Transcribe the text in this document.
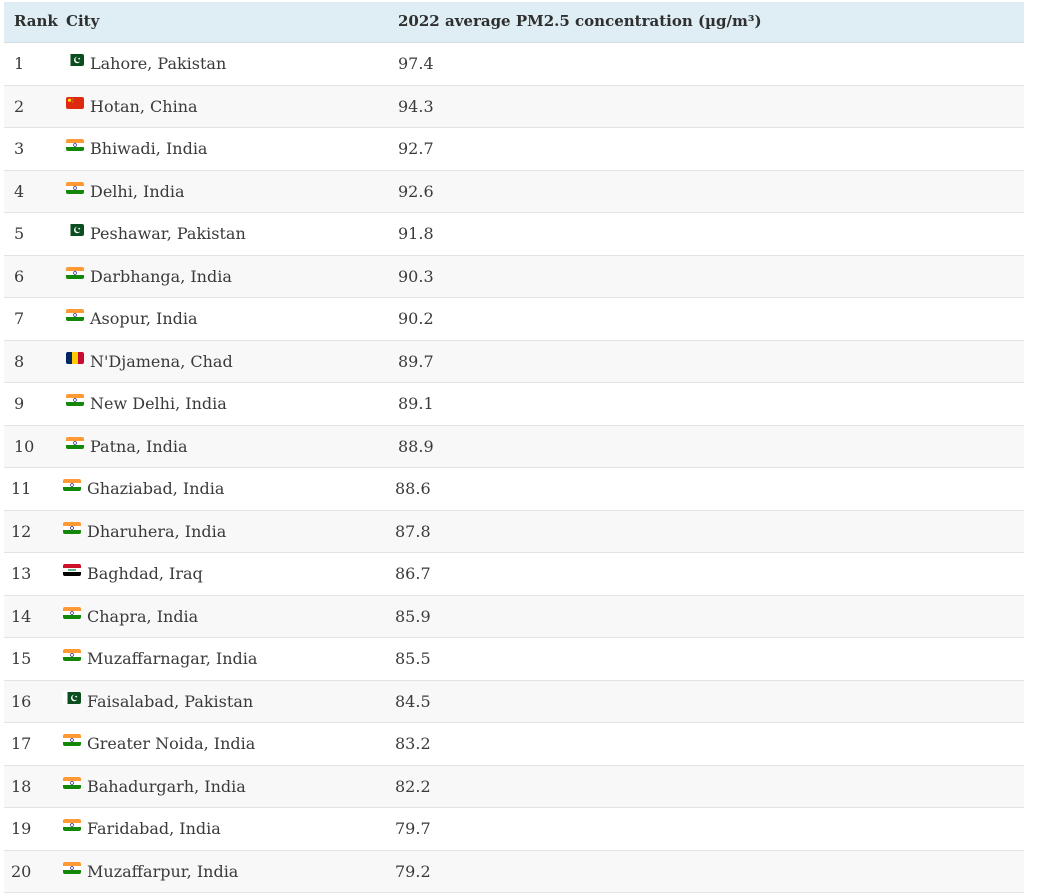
Rank City	2022 average PM2.5 concentration (µg/m³)
1	Lahore, Pakistan	97.4
2	Hotan, China	94.3
3	Bhiwadi, India	92.7
4	Delhi, India	92.6
5	Peshawar, Pakistan	91.8
6	Darbhanga, India	90.3
7	Asopur, India	90.2
8	N'Djamena, Chad	89.7
9	New Delhi, India	89.1
10	Patna, India	88.9
11	Ghaziabad, India	88.6
12	Dharuhera, India	87.8
13	Baghdad, Iraq	86.7
14	Chapra, India	85.9
15	Muzaffarnagar, India	85.5
16	Faisalabad, Pakistan	84.5
17	Greater Noida, India	83.2
18	Bahadurgarh, India	82.2
19	Faridabad, India	79.7
20	Muzaffarpur, India	79.2
